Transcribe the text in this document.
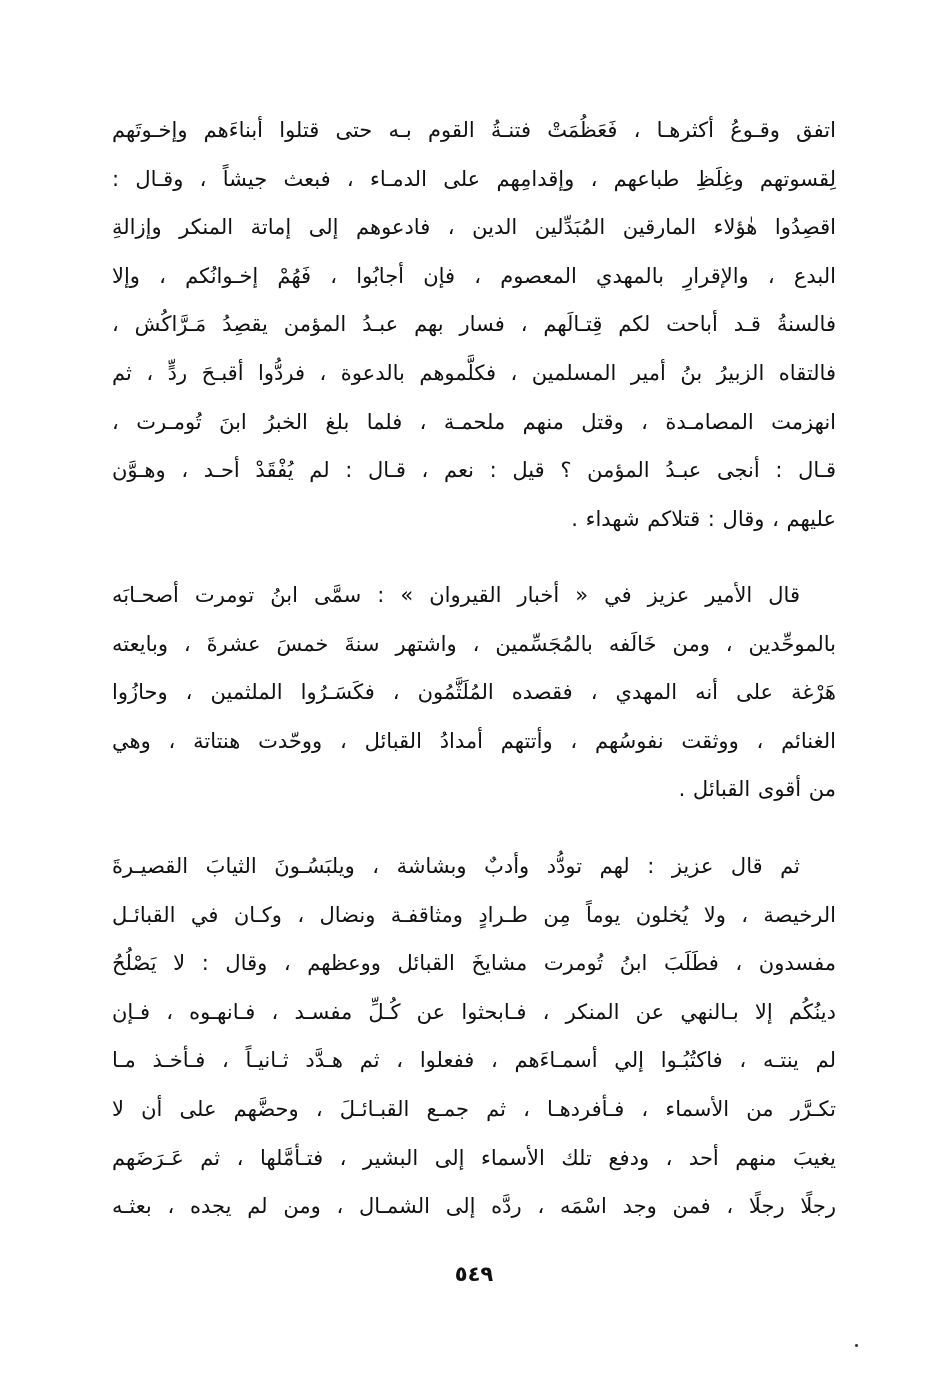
اتفق وقـوعُ أكثرهـا ، فَعَظُمَتْ فتنـةُ القوم بـه حتى قتلوا أبناءَهم وإخـوتَهم
لِقسوتهم وغِلَظِ طباعهم ، وإقدامِهم على الدمـاء ، فبعث جيشاً ، وقـال :
اقصِدُوا هٰؤلاء المارقين المُبَدِّلين الدين ، فادعوهم إلى إماتة المنكر وإزالةِ
البدع ، والإقرارِ بالمهدي المعصوم ، فإن أجابُوا ، فَهُمْ إخـوانُكم ، وإلا
فالسنةُ قـد أباحت لكم قِتـالَهم ، فسار بهم عبـدُ المؤمن يقصِدُ مَـرَّاكُش ،
فالتقاه الزبيرُ بنُ أمير المسلمين ، فكلَّموهم بالدعوة ، فردُّوا أقبـحَ ردٍّ ، ثم
انهزمت المصامـدة ، وقتل منهم ملحمـة ، فلما بلغ الخبرُ ابنَ تُومـرت ،
قـال : أنجى عبـدُ المؤمن ؟ قيل : نعم ، قـال : لم يُفْقَدْ أحـد ، وهـوَّن
عليهم ، وقال : قتلاكم شهداء .
قال الأمير عزيز في « أخبار القيروان » : سمَّى ابنُ تومرت أصحـابَه
بالموحِّدين ، ومن خَالَفه بالمُجَسِّمين ، واشتهر سنةَ خمسَ عشرةَ ، وبايعته
هَرْغة على أنه المهدي ، فقصده المُلَثَّمُون ، فكَسَـرُوا الملثمين ، وحازُوا
الغنائم ، ووثقت نفوسُهم ، وأتتهم أمدادُ القبائل ، ووحّدت هنتاتة ، وهي
من أقوى القبائل .
ثم قال عزيز : لهم تودُّد وأدبٌ وبشاشة ، ويلبَسُـونَ الثيابَ القصيـرةَ
الرخيصة ، ولا يُخلون يوماً مِن طـرادٍ ومثاقفـة ونضال ، وكـان في القبائـل
مفسدون ، فطَلَبَ ابنُ تُومرت مشايخَ القبائل ووعظهم ، وقال : لا يَصْلُحُ
دينُكُم إلا بـالنهي عن المنكر ، فـابحثوا عن كُـلِّ مفسـد ، فـانهـوه ، فـإن
لم ينتـه ، فاكتُبُـوا إلي أسمـاءَهم ، ففعلوا ، ثم هـدَّد ثـانيـاً ، فـأخـذ مـا
تكـرَّر من الأسماء ، فـأفردهـا ، ثم جمـع القبـائـلَ ، وحضَّهم على أن لا
يغيبَ منهم أحد ، ودفع تلك الأسماء إلى البشير ، فتـأمَّلها ، ثم عَـرَضَهم
رجلًا رجلًا ، فمن وجد اسْمَه ، ردَّه إلى الشمـال ، ومن لم يجده ، بعثـه
٥٤٩
